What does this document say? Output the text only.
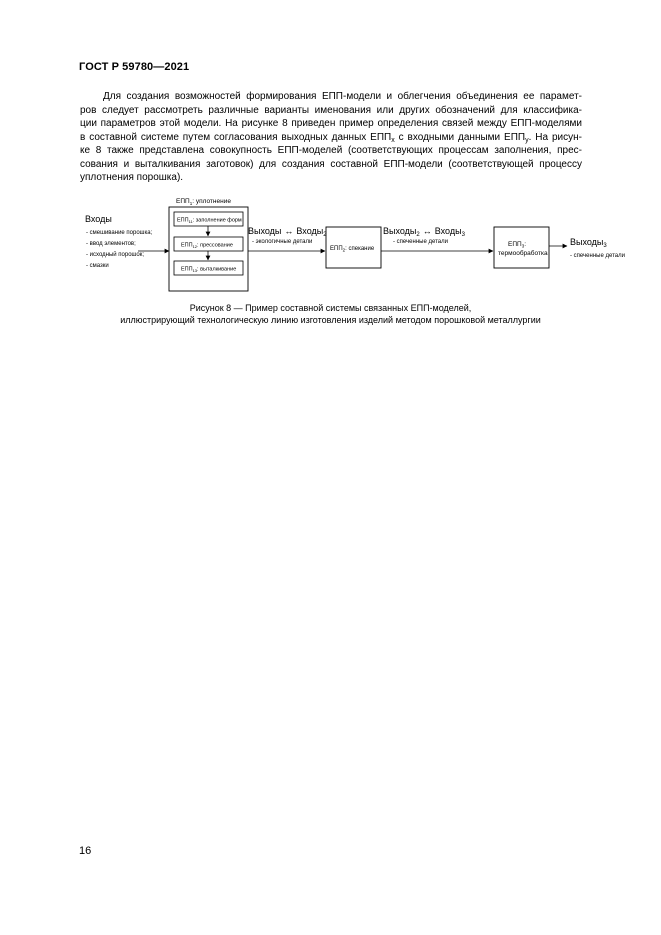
ГОСТ Р 59780—2021
Для создания возможностей формирования ЕПП-модели и облегчения объединения ее парамет-
ров следует рассмотреть различные варианты именования или других обозначений для классифика-
ции параметров этой модели. На рисунке 8 приведен пример определения связей между ЕПП-моделями
в составной системе путем согласования выходных данных $ЕПП_x$ с входными данными $ЕПП_y$. На рисун-
ке 8 также представлена совокупность ЕПП-моделей (соответствующих процессам заполнения, прес-
сования и выталкивания заготовок) для создания составной ЕПП-модели (соответствующей процессу
уплотнения порошка).
Входы
- смешивание порошка;
- ввод элементов;
- исходный порошок;
- смазки
$ЕПП_1$: уплотнение
$ЕПП_{11}$: заполнение форм
$ЕПП_{12}$: прессование
$ЕПП_{13}$: выталкивание
Выходы ↔ Входы$_2$
- экологичные детали
$ЕПП_2$: спекание
Выходы$_2$ ↔ Входы$_3$
- спеченные детали	$ЕПП_3$:
термообработка
Выходы$_3$
- спеченные детали
Рисунок 8 — Пример составной системы связанных ЕПП-моделей,
иллюстрирующий технологическую линию изготовления изделий методом порошковой металлургии
16
